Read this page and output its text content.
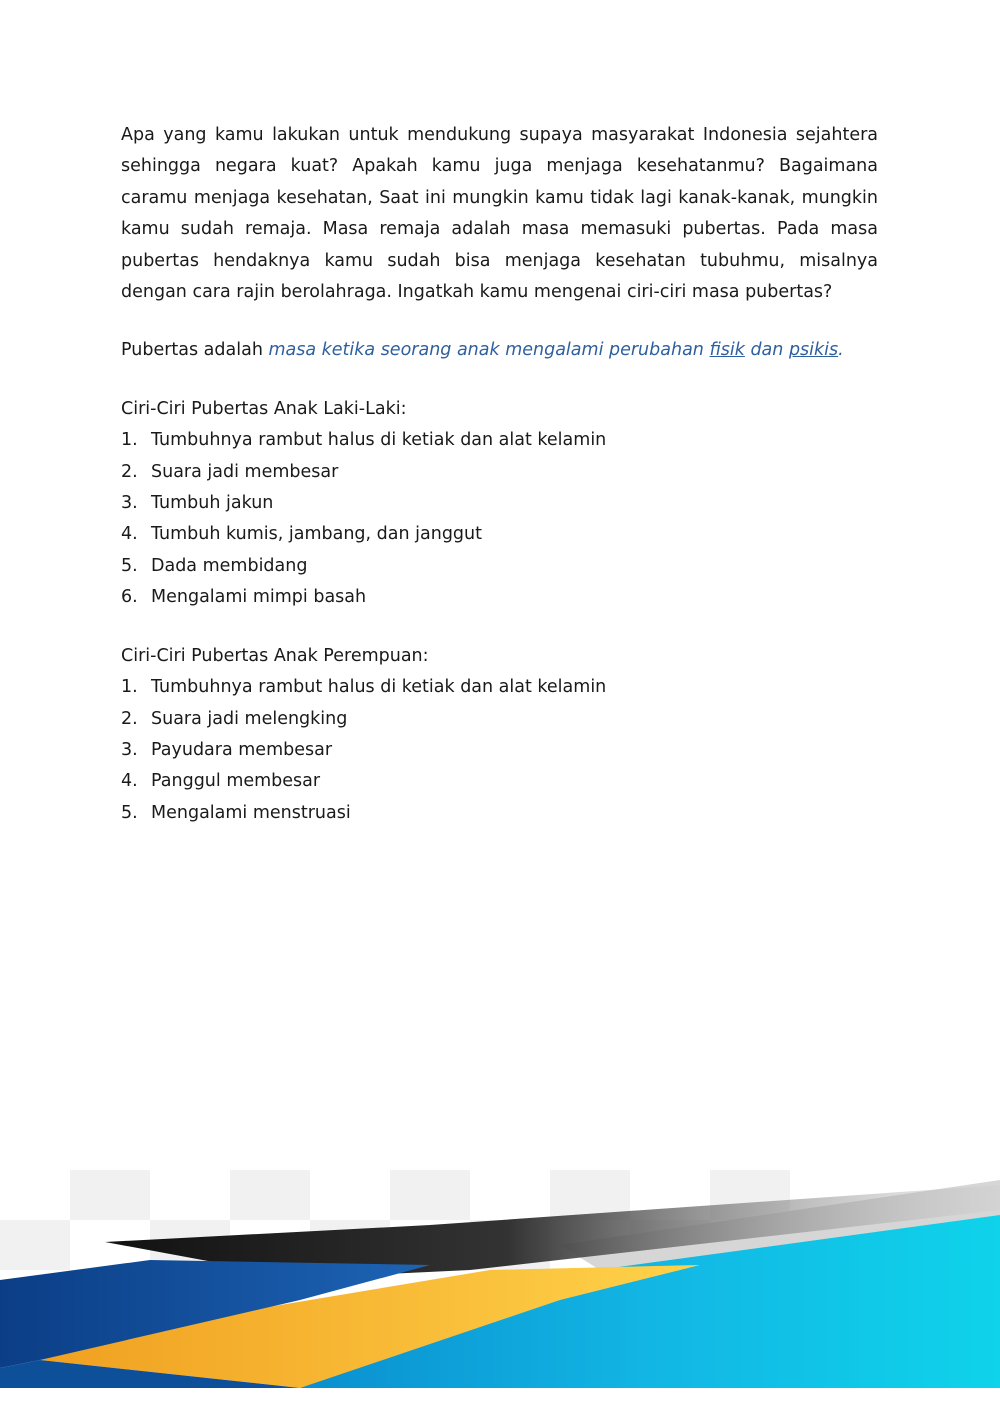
Apa yang kamu lakukan untuk mendukung supaya masyarakat Indonesia sejahtera sehingga negara kuat? Apakah kamu juga menjaga kesehatanmu? Bagaimana caramu menjaga kesehatan, Saat ini mungkin kamu tidak lagi kanak-kanak, mungkin kamu sudah remaja. Masa remaja adalah masa memasuki pubertas. Pada masa pubertas hendaknya kamu sudah bisa menjaga kesehatan tubuhmu, misalnya dengan cara rajin berolahraga. Ingatkah kamu mengenai ciri-ciri masa pubertas?

Pubertas adalah masa ketika seorang anak mengalami perubahan fisik dan psikis.

Ciri-Ciri Pubertas Anak Laki-Laki:

1. Tumbuhnya rambut halus di ketiak dan alat kelamin
2. Suara jadi membesar
3. Tumbuh jakun
4. Tumbuh kumis, jambang, dan janggut
5. Dada membidang
6. Mengalami mimpi basah

Ciri-Ciri Pubertas Anak Perempuan:

1. Tumbuhnya rambut halus di ketiak dan alat kelamin
2. Suara jadi melengking
3. Payudara membesar
4. Panggul membesar
5. Mengalami menstruasi
